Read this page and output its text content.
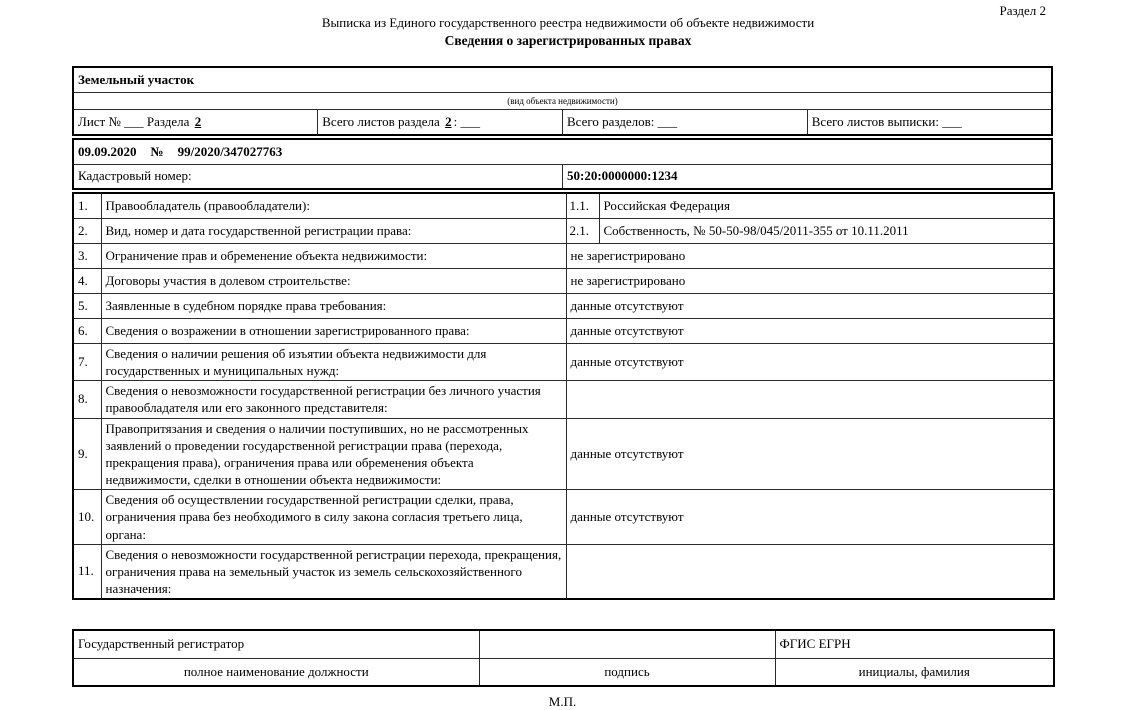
Раздел 2
Выписка из Единого государственного реестра недвижимости об объекте недвижимости
Сведения о зарегистрированных правах
Земельный участок
(вид объекта недвижимости)
Лист № ___ Раздела 2	Всего листов раздела 2 : ___	Всего разделов: ___	Всего листов выписки: ___
09.09.2020 № 99/2020/347027763
Кадастровый номер:	50:20:0000000:1234
1.	Правообладатель (правообладатели):	1.1. Российская Федерация

2.	Вид, номер и дата государственной регистрации права:	2.1. Собственность, № 50-50-98/045/2011-355 от 10.11.2011

3.	Ограничение прав и обременение объекта недвижимости:	не зарегистрировано

4.	Договоры участия в долевом строительстве:	не зарегистрировано

5.	Заявленные в судебном порядке права требования:	данные отсутствуют

6.	Сведения о возражении в отношении зарегистрированного права:	данные отсутствуют

7.	Сведения о наличии решения об изъятии объекта недвижимости для государственных и муниципальных нужд:	данные отсутствуют

8.	Сведения о невозможности государственной регистрации без личного участия правообладателя или его законного представителя:	

9.	Правопритязания и сведения о наличии поступивших, но не рассмотренных заявлений о проведении государственной регистрации права (перехода, прекращения права), ограничения права или обременения объекта недвижимости, сделки в отношении объекта недвижимости:	данные отсутствуют

10.	Сведения об осуществлении государственной регистрации сделки, права, ограничения права без необходимого в силу закона согласия третьего лица, органа:	данные отсутствуют

11.	Сведения о невозможности государственной регистрации перехода, прекращения, ограничения права на земельный участок из земель сельскохозяйственного назначения:	
Государственный регистратор		ФГИС ЕГРН
полное наименование должности	подпись	инициалы, фамилия
М.П.
